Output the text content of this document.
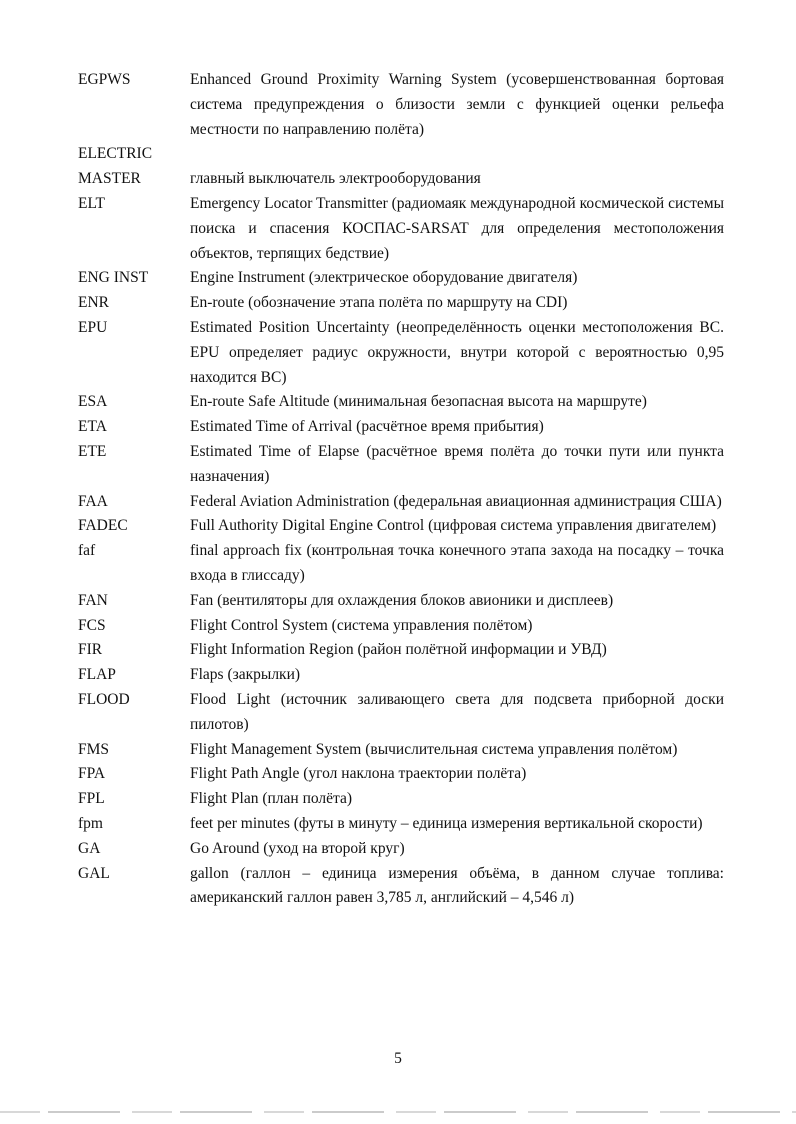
EGPWS	Enhanced Ground Proximity Warning System (усовершенствованная бортовая система предупреждения о близости земли с функцией оценки рельефа местности по направлению полёта)
ELECTRIC
MASTER	главный выключатель электрооборудования
ELT	Emergency Locator Transmitter (радиомаяк международной космической системы поиска и спасения КОСПАС-SARSAT для определения местоположения объектов, терпящих бедствие)
ENG INST	Engine Instrument (электрическое оборудование двигателя)
ENR	En-route (обозначение этапа полёта по маршруту на CDI)
EPU	Estimated Position Uncertainty (неопределённость оценки местоположения ВС. EPU определяет радиус окружности, внутри которой с вероятностью 0,95 находится ВС)
ESA	En-route Safe Altitude (минимальная безопасная высота на маршруте)
ETA	Estimated Time of Arrival (расчётное время прибытия)
ETE	Estimated Time of Elapse (расчётное время полёта до точки пути или пункта назначения)
FAA	Federal Aviation Administration (федеральная авиационная администрация США)
FADEC	Full Authority Digital Engine Control (цифровая система управления двигателем)
faf	final approach fix (контрольная точка конечного этапа захода на посадку – точка входа в глиссаду)
FAN	Fan (вентиляторы для охлаждения блоков авионики и дисплеев)
FCS	Flight Control System (система управления полётом)
FIR	Flight Information Region (район полётной информации и УВД)
FLAP	Flaps (закрылки)
FLOOD	Flood Light (источник заливающего света для подсвета приборной доски пилотов)
FMS	Flight Management System (вычислительная система управления полётом)
FPA	Flight Path Angle (угол наклона траектории полёта)
FPL	Flight Plan (план полёта)
fpm	feet per minutes (футы в минуту – единица измерения вертикальной скорости)
GA	Go Around (уход на второй круг)
GAL	gallon (галлон – единица измерения объёма, в данном случае топлива: американский галлон равен 3,785 л, английский – 4,546 л)
5
